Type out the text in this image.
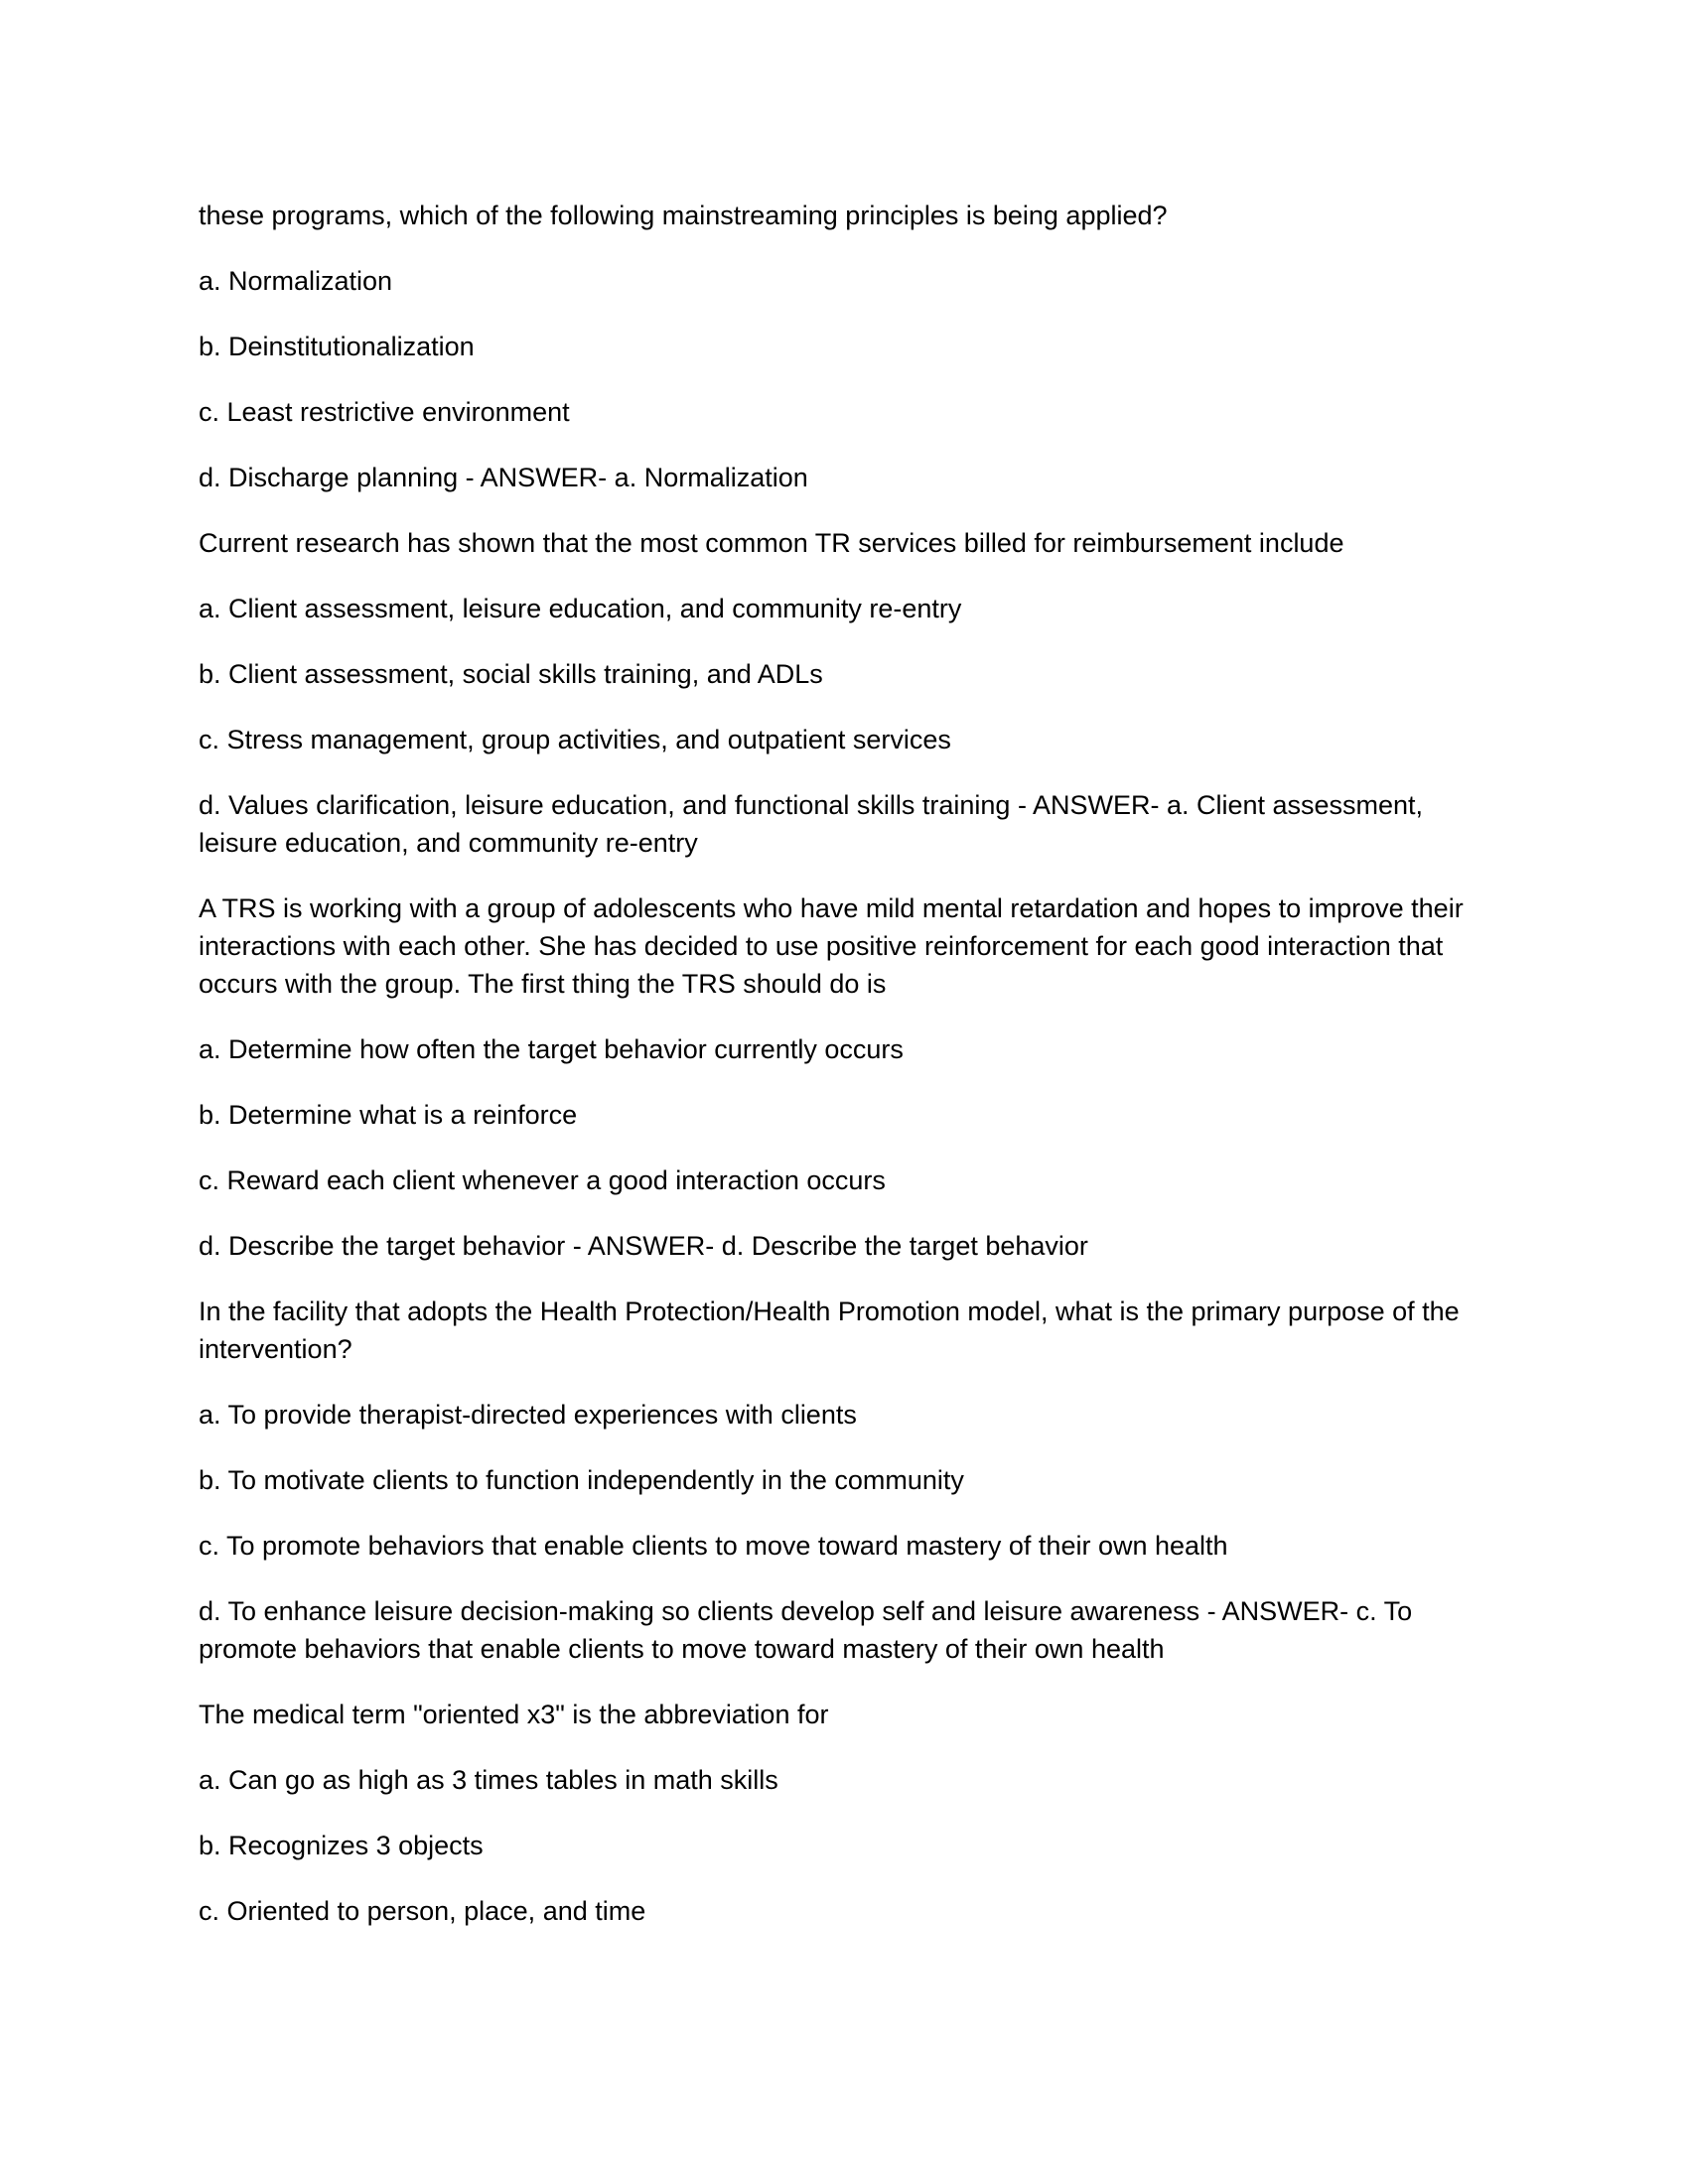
these programs, which of the following mainstreaming principles is being applied?

a. Normalization

b. Deinstitutionalization

c. Least restrictive environment

d. Discharge planning - ANSWER- a. Normalization

Current research has shown that the most common TR services billed for reimbursement include

a. Client assessment, leisure education, and community re-entry

b. Client assessment, social skills training, and ADLs

c. Stress management, group activities, and outpatient services

d. Values clarification, leisure education, and functional skills training - ANSWER- a. Client assessment, leisure education, and community re-entry

A TRS is working with a group of adolescents who have mild mental retardation and hopes to improve their interactions with each other. She has decided to use positive reinforcement for each good interaction that occurs with the group. The first thing the TRS should do is

a. Determine how often the target behavior currently occurs

b. Determine what is a reinforce

c. Reward each client whenever a good interaction occurs

d. Describe the target behavior - ANSWER- d. Describe the target behavior

In the facility that adopts the Health Protection/Health Promotion model, what is the primary purpose of the intervention?

a. To provide therapist-directed experiences with clients

b. To motivate clients to function independently in the community

c. To promote behaviors that enable clients to move toward mastery of their own health

d. To enhance leisure decision-making so clients develop self and leisure awareness - ANSWER- c. To promote behaviors that enable clients to move toward mastery of their own health

The medical term "oriented x3" is the abbreviation for

a. Can go as high as 3 times tables in math skills

b. Recognizes 3 objects

c. Oriented to person, place, and time
